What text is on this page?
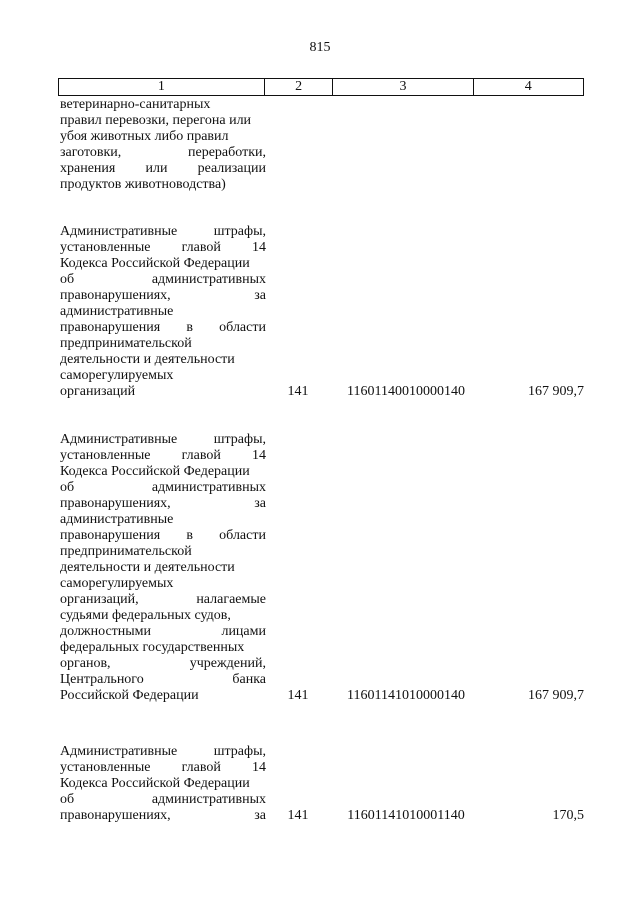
815
1	2	3	4
ветеринарно-санитарных
правил перевозки, перегона или
убоя животных либо правил
заготовки,	переработки,
хранения или реализации
продуктов животноводства)
Административные	штрафы,
установленные главой 14
Кодекса Российской Федерации
об	административных
правонарушениях,	за
административные
правонарушения в области
предпринимательской
деятельности и деятельности
саморегулируемых
организаций	141	11601140010000140	167 909,7
Административные	штрафы,
установленные главой 14
Кодекса Российской Федерации
об	административных
правонарушениях,	за
административные
правонарушения в области
предпринимательской
деятельности и деятельности
саморегулируемых
организаций,	налагаемые
судьями федеральных судов,
должностными	лицами
федеральных государственных
органов,	учреждений,
Центрального	банка
Российской Федерации	141	11601141010000140	167 909,7
Административные	штрафы,
установленные главой 14
Кодекса Российской Федерации
об	административных
правонарушениях,	за	141	11601141010001140	170,5
